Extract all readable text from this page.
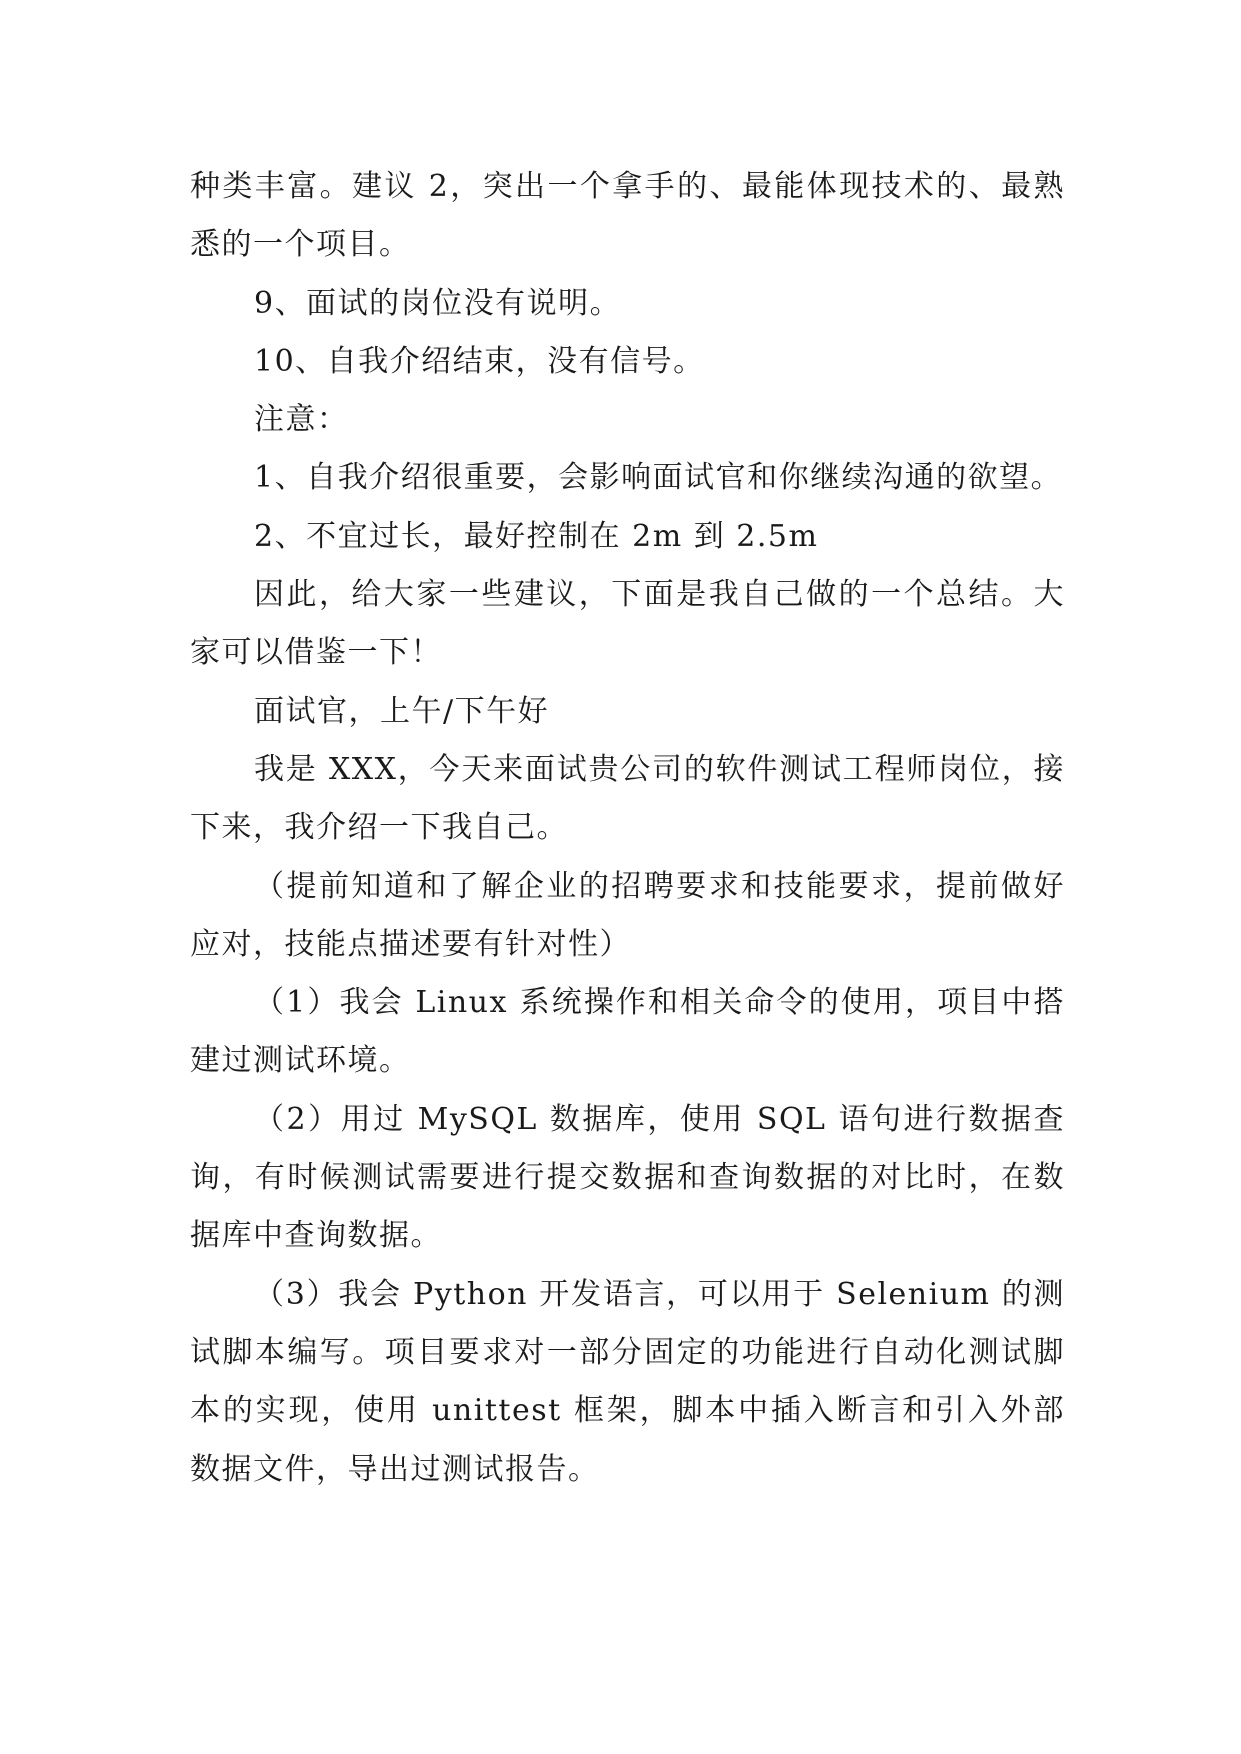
种类丰富。建议 2，突出一个拿手的、最能体现技术的、最熟悉的一个项目。

9、面试的岗位没有说明。

10、自我介绍结束，没有信号。

注意：

1、自我介绍很重要，会影响面试官和你继续沟通的欲望。

2、不宜过长，最好控制在 2m 到 2.5m

因此，给大家一些建议，下面是我自己做的一个总结。大家可以借鉴一下！

面试官，上午/下午好

我是 XXX，今天来面试贵公司的软件测试工程师岗位，接下来，我介绍一下我自己。

（提前知道和了解企业的招聘要求和技能要求，提前做好应对，技能点描述要有针对性）

（1）我会 Linux 系统操作和相关命令的使用，项目中搭建过测试环境。

（2）用过 MySQL 数据库，使用 SQL 语句进行数据查询，有时候测试需要进行提交数据和查询数据的对比时，在数据库中查询数据。

（3）我会 Python 开发语言，可以用于 Selenium 的测试脚本编写。项目要求对一部分固定的功能进行自动化测试脚本的实现，使用 unittest 框架，脚本中插入断言和引入外部数据文件，导出过测试报告。
